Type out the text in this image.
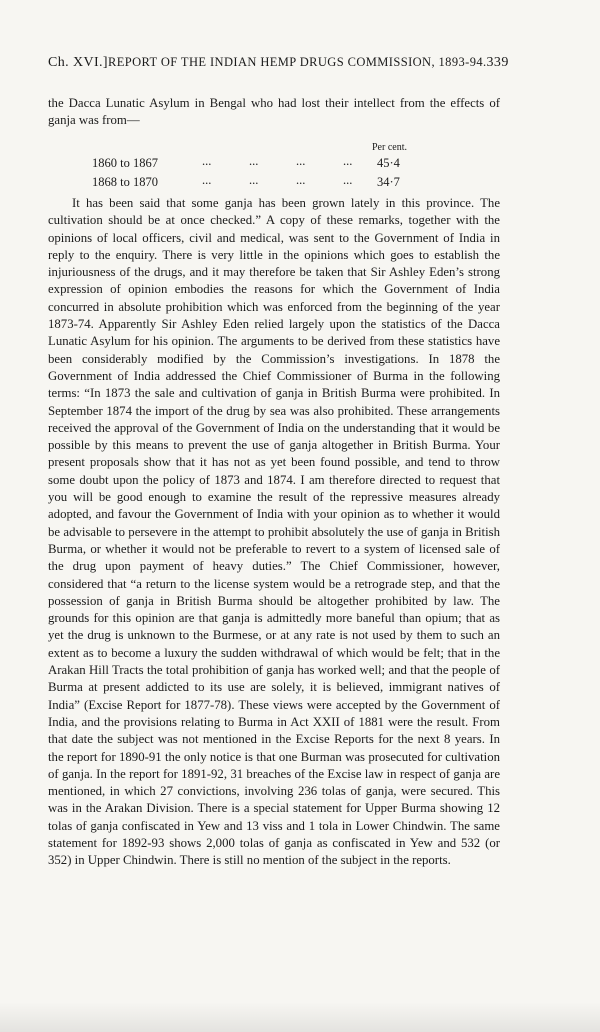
Ch. XVI.] REPORT OF THE INDIAN HEMP DRUGS COMMISSION, 1893-94. 339
the Dacca Lunatic Asylum in Bengal who had lost their intellect from the effects of ganja was from—
Per cent.
1860 to 1867	...	...	...	...	45·4
1868 to 1870	...	...	...	...	34·7
It has been said that some ganja has been grown lately in this province. The cultivation should be at once checked.” A copy of these remarks, together with the opinions of local officers, civil and medical, was sent to the Government of India in reply to the enquiry. There is very little in the opinions which goes to establish the injuriousness of the drugs, and it may therefore be taken that Sir Ashley Eden’s strong expression of opinion embodies the reasons for which the Government of India concurred in absolute prohibition which was enforced from the beginning of the year 1873-74. Apparently Sir Ashley Eden relied largely upon the statistics of the Dacca Lunatic Asylum for his opinion. The arguments to be derived from these statistics have been considerably modified by the Commission’s investigations. In 1878 the Government of India addressed the Chief Commissioner of Burma in the following terms: “In 1873 the sale and cultivation of ganja in British Burma were prohibited. In September 1874 the import of the drug by sea was also prohibited. These arrangements received the approval of the Government of India on the understanding that it would be possible by this means to prevent the use of ganja altogether in British Burma. Your present proposals show that it has not as yet been found possible, and tend to throw some doubt upon the policy of 1873 and 1874. I am therefore directed to request that you will be good enough to examine the result of the repressive measures already adopted, and favour the Government of India with your opinion as to whether it would be advisable to persevere in the attempt to prohibit absolutely the use of ganja in British Burma, or whether it would not be preferable to revert to a system of licensed sale of the drug upon payment of heavy duties.” The Chief Commissioner, however, considered that “a return to the license system would be a retrograde step, and that the possession of ganja in British Burma should be altogether prohibited by law. The grounds for this opinion are that ganja is admittedly more baneful than opium; that as yet the drug is unknown to the Burmese, or at any rate is not used by them to such an extent as to become a luxury the sudden withdrawal of which would be felt; that in the Arakan Hill Tracts the total prohibition of ganja has worked well; and that the people of Burma at present addicted to its use are solely, it is believed, immigrant natives of India” (Excise Report for 1877-78). These views were accepted by the Government of India, and the provisions relating to Burma in Act XXII of 1881 were the result. From that date the subject was not mentioned in the Excise Reports for the next 8 years. In the report for 1890-91 the only notice is that one Burman was prosecuted for cultivation of ganja. In the report for 1891-92, 31 breaches of the Excise law in respect of ganja are mentioned, in which 27 convictions, involving 236 tolas of ganja, were secured. This was in the Arakan Division. There is a special statement for Upper Burma showing 12 tolas of ganja confiscated in Yew and 13 viss and 1 tola in Lower Chindwin. The same statement for 1892-93 shows 2,000 tolas of ganja as confiscated in Yew and 532 (or 352) in Upper Chindwin. There is still no mention of the subject in the reports.
